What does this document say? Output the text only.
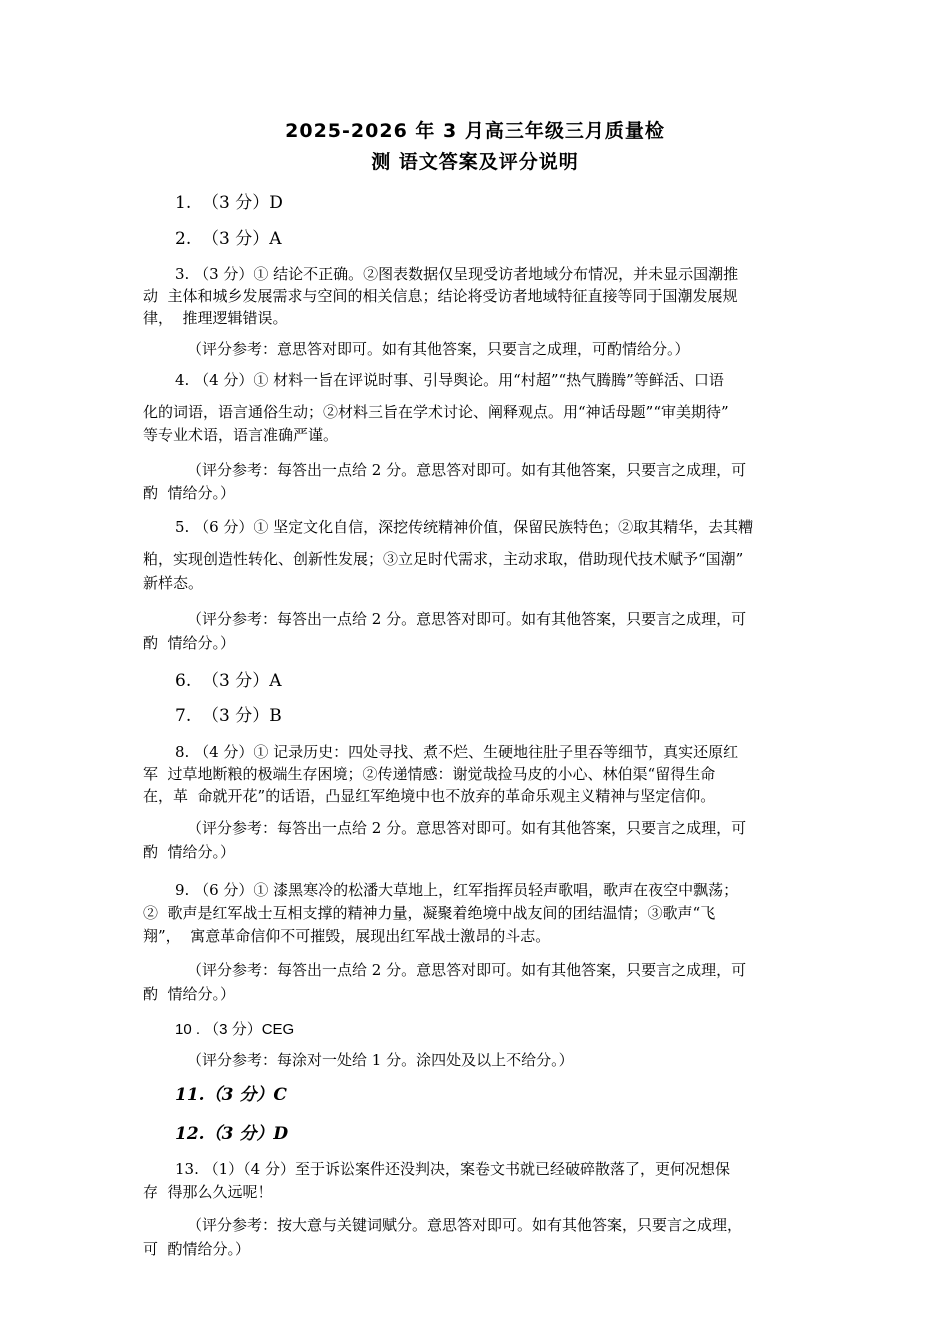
2025-2026 年 3 月高三年级三月质量检
测 语文答案及评分说明
1.  （3 分）D
2.  （3 分）A
3. （3 分）① 结论不正确。②图表数据仅呈现受访者地域分布情况，并未显示国潮推
动  主体和城乡发展需求与空间的相关信息；结论将受访者地域特征直接等同于国潮发展规
律，  推理逻辑错误。
（评分参考：意思答对即可。如有其他答案，只要言之成理，可酌情给分。）
4. （4 分）① 材料一旨在评说时事、引导舆论。用“村超”“热气腾腾”等鲜活、口语
化的词语，语言通俗生动；②材料三旨在学术讨论、阐释观点。用“神话母题”“审美期待”
等专业术语，语言准确严谨。
（评分参考：每答出一点给 2 分。意思答对即可。如有其他答案，只要言之成理，可
酌  情给分。）
5. （6 分）① 坚定文化自信，深挖传统精神价值，保留民族特色；②取其精华，去其糟
粕，实现创造性转化、创新性发展；③立足时代需求，主动求取，借助现代技术赋予“国潮”
新样态。
（评分参考：每答出一点给 2 分。意思答对即可。如有其他答案，只要言之成理，可
酌  情给分。）
6.  （3 分）A
7.  （3 分）B
8. （4 分）① 记录历史：四处寻找、煮不烂、生硬地往肚子里吞等细节，真实还原红
军  过草地断粮的极端生存困境；②传递情感：谢觉哉捡马皮的小心、林伯渠“留得生命
在，革  命就开花”的话语，凸显红军绝境中也不放弃的革命乐观主义精神与坚定信仰。
（评分参考：每答出一点给 2 分。意思答对即可。如有其他答案，只要言之成理，可
酌  情给分。）
9. （6 分）① 漆黑寒冷的松潘大草地上，红军指挥员轻声歌唱，歌声在夜空中飘荡；
②  歌声是红军战士互相支撑的精神力量，凝聚着绝境中战友间的团结温情；③歌声“飞
翔”，  寓意革命信仰不可摧毁，展现出红军战士激昂的斗志。
（评分参考：每答出一点给 2 分。意思答对即可。如有其他答案，只要言之成理，可
酌  情给分。）
10 . （3 分）CEG
（评分参考：每涂对一处给 1 分。涂四处及以上不给分。）
11.（3 分）C
12.（3 分）D
13. （1）（4 分）至于诉讼案件还没判决，案卷文书就已经破碎散落了，更何况想保
存  得那么久远呢！
（评分参考：按大意与关键词赋分。意思答对即可。如有其他答案，只要言之成理，
可  酌情给分。）
